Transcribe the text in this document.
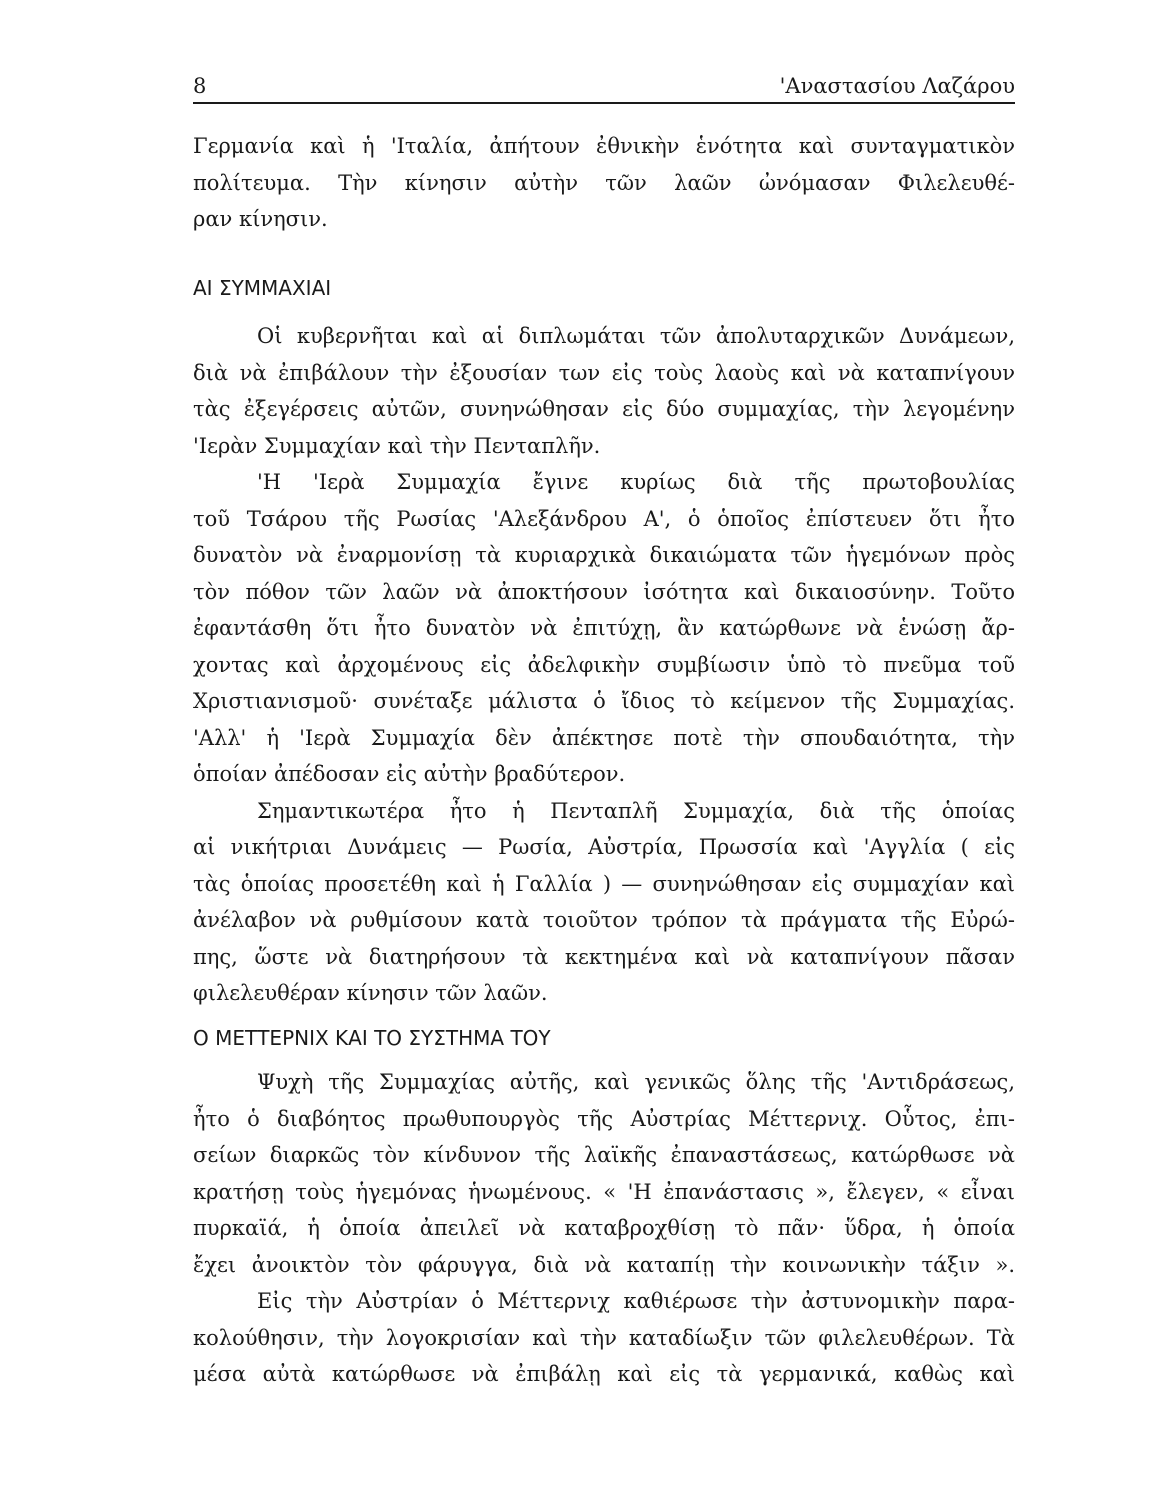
8	'Αναστασίου Λαζάρου
Γερμανία καὶ ἡ 'Ιταλία, ἀπήτουν ἐθνικὴν ἑνότητα καὶ συνταγματικὸν
πολίτευμα. Τὴν κίνησιν αὐτὴν τῶν λαῶν ὠνόμασαν Φιλελευθέ-
ραν κίνησιν.
ΑΙ ΣΥΜΜΑΧΙΑΙ
Οἱ κυβερνῆται καὶ αἱ διπλωμάται τῶν ἀπολυταρχικῶν Δυνάμεων,
διὰ νὰ ἐπιβάλουν τὴν ἐξουσίαν των εἰς τοὺς λαοὺς καὶ νὰ καταπνίγουν
τὰς ἐξεγέρσεις αὐτῶν, συνηνώθησαν εἰς δύο συμμαχίας, τὴν λεγομένην
'Ιερὰν Συμμαχίαν καὶ τὴν Πενταπλῆν.
'Η 'Ιερὰ Συμμαχία ἔγινε κυρίως διὰ τῆς πρωτοβουλίας
τοῦ Τσάρου τῆς Ρωσίας 'Αλεξάνδρου Α', ὁ ὁποῖος ἐπίστευεν ὅτι ἦτο
δυνατὸν νὰ ἐναρμονίσῃ τὰ κυριαρχικὰ δικαιώματα τῶν ἡγεμόνων πρὸς
τὸν πόθον τῶν λαῶν νὰ ἀποκτήσουν ἰσότητα καὶ δικαιοσύνην. Τοῦτο
ἐφαντάσθη ὅτι ἦτο δυνατὸν νὰ ἐπιτύχῃ, ἂν κατώρθωνε νὰ ἑνώσῃ ἄρ-
χοντας καὶ ἀρχομένους εἰς ἀδελφικὴν συμβίωσιν ὑπὸ τὸ πνεῦμα τοῦ
Χριστιανισμοῦ· συνέταξε μάλιστα ὁ ἴδιος τὸ κείμενον τῆς Συμμαχίας.
'Αλλ' ἡ 'Ιερὰ Συμμαχία δὲν ἀπέκτησε ποτὲ τὴν σπουδαιότητα, τὴν
ὁποίαν ἀπέδοσαν εἰς αὐτὴν βραδύτερον.
Σημαντικωτέρα ἦτο ἡ Πενταπλῆ Συμμαχία, διὰ τῆς ὁποίας
αἱ νικήτριαι Δυνάμεις — Ρωσία, Αὐστρία, Πρωσσία καὶ 'Αγγλία ( εἰς
τὰς ὁποίας προσετέθη καὶ ἡ Γαλλία ) — συνηνώθησαν εἰς συμμαχίαν καὶ
ἀνέλαβον νὰ ρυθμίσουν κατὰ τοιοῦτον τρόπον τὰ πράγματα τῆς Εὐρώ-
πης, ὥστε νὰ διατηρήσουν τὰ κεκτημένα καὶ νὰ καταπνίγουν πᾶσαν
φιλελευθέραν κίνησιν τῶν λαῶν.
Ο ΜΕΤΤΕΡΝΙΧ ΚΑΙ ΤΟ ΣΥΣΤΗΜΑ ΤΟΥ
Ψυχὴ τῆς Συμμαχίας αὐτῆς, καὶ γενικῶς ὅλης τῆς 'Αντιδράσεως,
ἦτο ὁ διαβόητος πρωθυπουργὸς τῆς Αὐστρίας Μέττερνιχ. Οὗτος, ἐπι-
σείων διαρκῶς τὸν κίνδυνον τῆς λαϊκῆς ἐπαναστάσεως, κατώρθωσε νὰ
κρατήσῃ τοὺς ἡγεμόνας ἡνωμένους. « 'Η ἐπανάστασις », ἔλεγεν, « εἶναι
πυρκαϊά, ἡ ὁποία ἀπειλεῖ νὰ καταβροχθίσῃ τὸ πᾶν· ὕδρα, ἡ ὁποία
ἔχει ἀνοικτὸν τὸν φάρυγγα, διὰ νὰ καταπίῃ τὴν κοινωνικὴν τάξιν ».
Εἰς τὴν Αὐστρίαν ὁ Μέττερνιχ καθιέρωσε τὴν ἀστυνομικὴν παρα-
κολούθησιν, τὴν λογοκρισίαν καὶ τὴν καταδίωξιν τῶν φιλελευθέρων. Τὰ
μέσα αὐτὰ κατώρθωσε νὰ ἐπιβάλῃ καὶ εἰς τὰ γερμανικά, καθὼς καὶ
